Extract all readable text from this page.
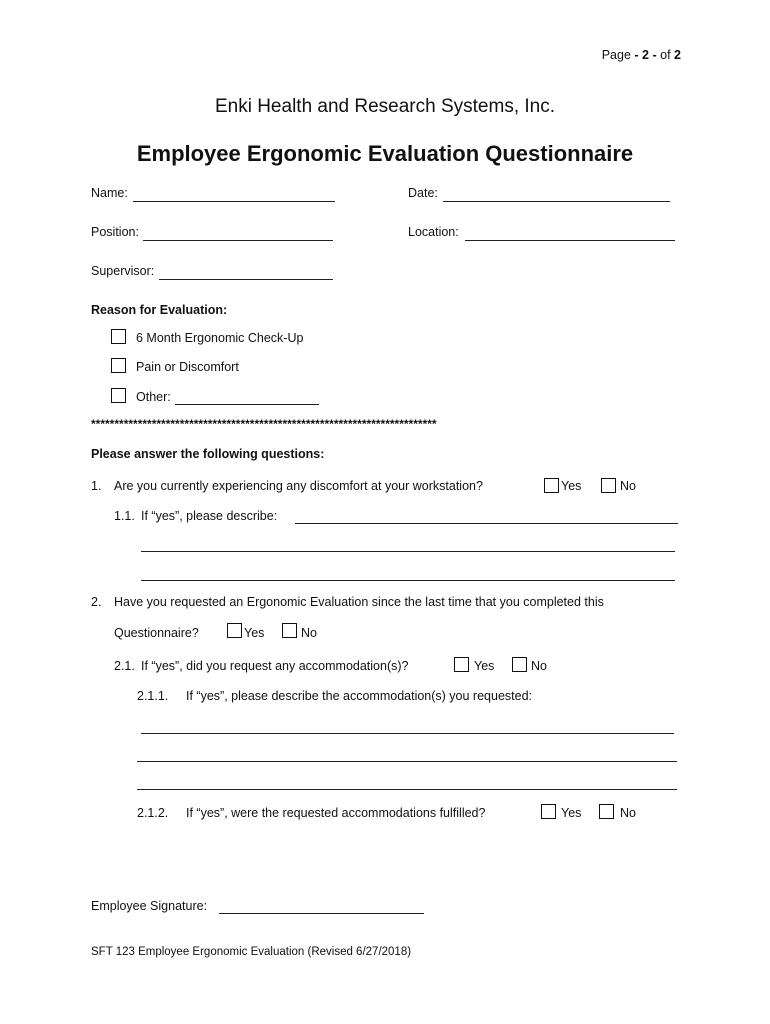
Page - 2 - of 2
Enki Health and Research Systems, Inc.
Employee Ergonomic Evaluation Questionnaire
Name:	Date:
Position:	Location:
Supervisor:
Reason for Evaluation:
6 Month Ergonomic Check-Up
Pain or Discomfort
Other:
**************************************************************************
Please answer the following questions:
1. Are you currently experiencing any discomfort at your workstation?	Yes	No
1.1. If “yes”, please describe:
2. Have you requested an Ergonomic Evaluation since the last time that you completed this
Questionnaire?	Yes	No
2.1. If “yes”, did you request any accommodation(s)?	Yes	No
2.1.1. If “yes”, please describe the accommodation(s) you requested:
2.1.2. If “yes”, were the requested accommodations fulfilled?	Yes	No
Employee Signature:
SFT 123 Employee Ergonomic Evaluation (Revised 6/27/2018)
